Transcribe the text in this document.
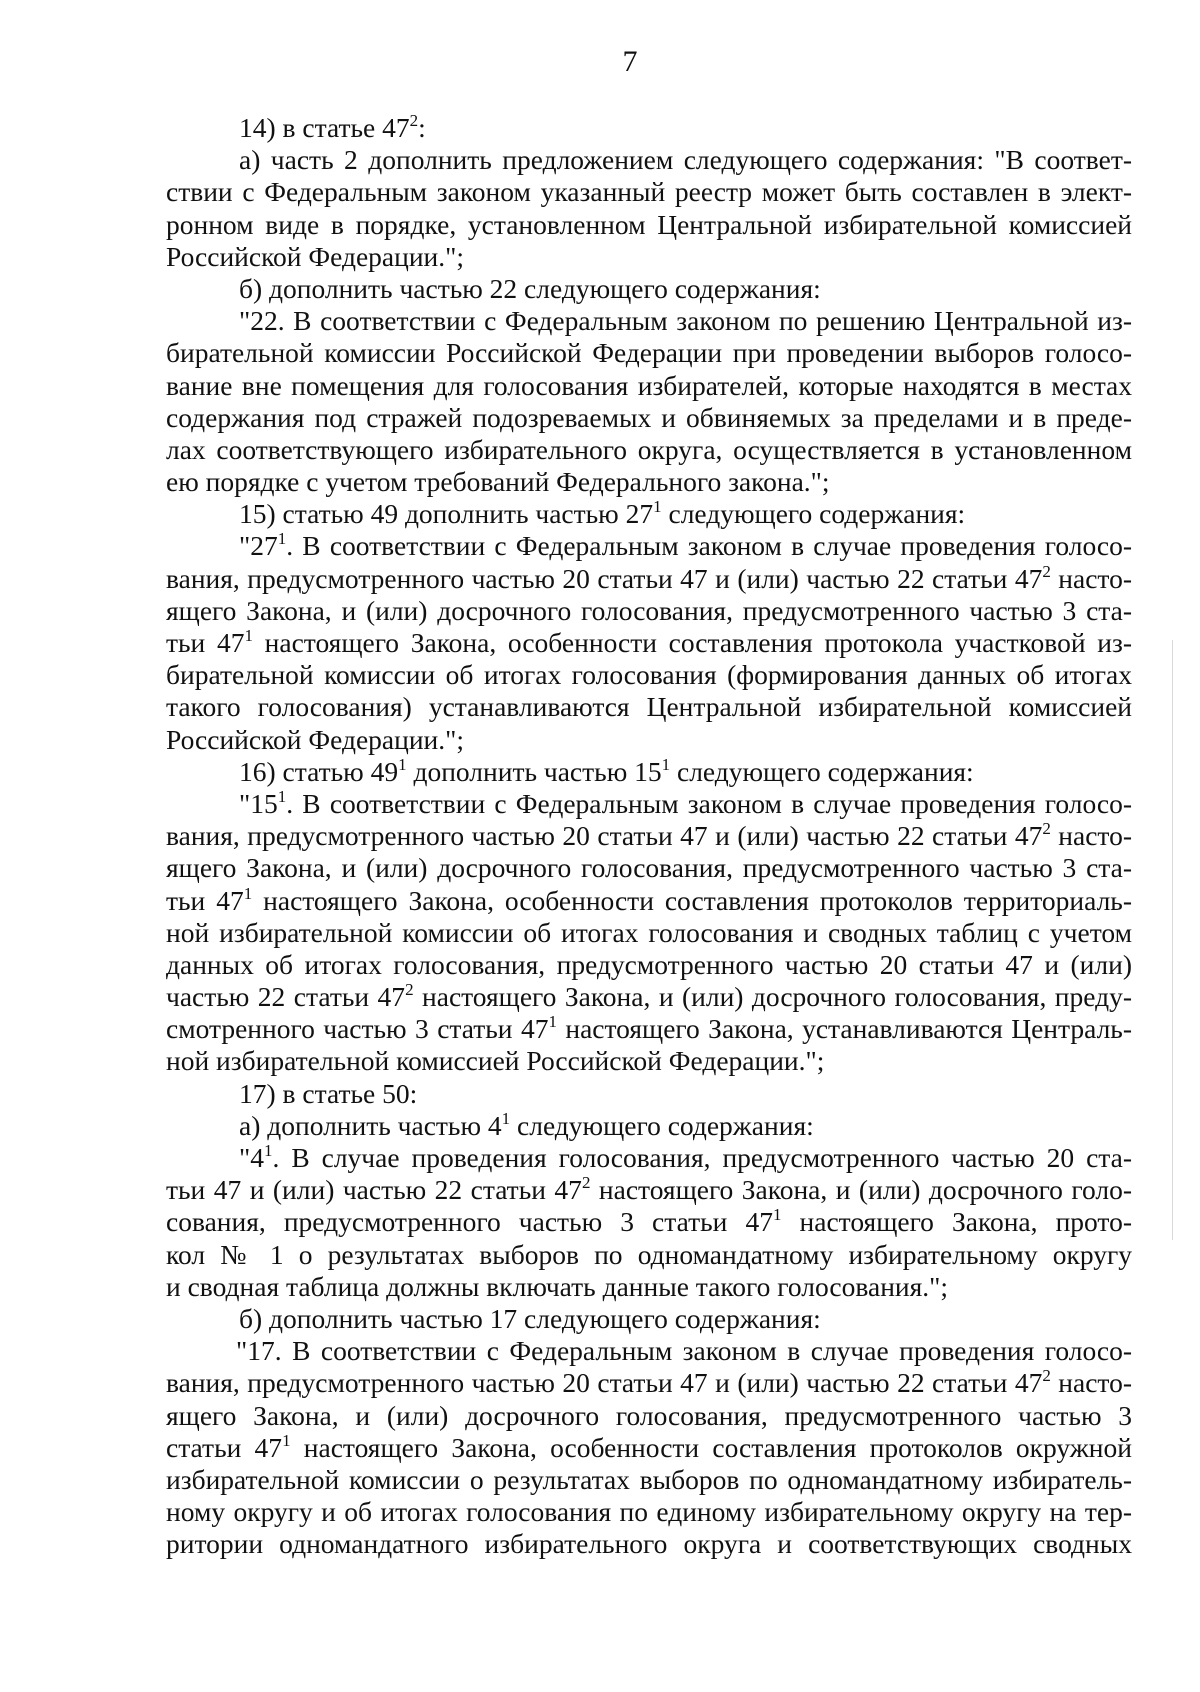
7
14) в статье $47^2$:
а) часть 2 дополнить предложением следующего содержания: "В соответ-
ствии с Федеральным законом указанный реестр может быть составлен в элект-
ронном виде в порядке, установленном Центральной избирательной комиссией
Российской Федерации.";
б) дополнить частью 22 следующего содержания:
"22. В соответствии с Федеральным законом по решению Центральной из-
бирательной комиссии Российской Федерации при проведении выборов голосо-
вание вне помещения для голосования избирателей, которые находятся в местах
содержания под стражей подозреваемых и обвиняемых за пределами и в преде-
лах соответствующего избирательного округа, осуществляется в установленном
ею порядке с учетом требований Федерального закона.";
15) статью 49 дополнить частью $27^1$ следующего содержания:
"$27^1$. В соответствии с Федеральным законом в случае проведения голосо-
вания, предусмотренного частью 20 статьи 47 и (или) частью 22 статьи $47^2$ насто-
ящего Закона, и (или) досрочного голосования, предусмотренного частью 3 ста-
тьи $47^1$ настоящего Закона, особенности составления протокола участковой из-
бирательной комиссии об итогах голосования (формирования данных об итогах
такого голосования) устанавливаются Центральной избирательной комиссией
Российской Федерации.";
16) статью $49^1$ дополнить частью $15^1$ следующего содержания:
"$15^1$. В соответствии с Федеральным законом в случае проведения голосо-
вания, предусмотренного частью 20 статьи 47 и (или) частью 22 статьи $47^2$ насто-
ящего Закона, и (или) досрочного голосования, предусмотренного частью 3 ста-
тьи $47^1$ настоящего Закона, особенности составления протоколов территориаль-
ной избирательной комиссии об итогах голосования и сводных таблиц с учетом
данных об итогах голосования, предусмотренного частью 20 статьи 47 и (или)
частью 22 статьи $47^2$ настоящего Закона, и (или) досрочного голосования, преду-
смотренного частью 3 статьи $47^1$ настоящего Закона, устанавливаются Централь-
ной избирательной комиссией Российской Федерации.";
17) в статье 50:
а) дополнить частью $4^1$ следующего содержания:
"$4^1$. В случае проведения голосования, предусмотренного частью 20 ста-
тьи 47 и (или) частью 22 статьи $47^2$ настоящего Закона, и (или) досрочного голо-
сования, предусмотренного частью 3 статьи $47^1$ настоящего Закона, прото-
кол № 1 о результатах выборов по одномандатному избирательному округу
и сводная таблица должны включать данные такого голосования.";
б) дополнить частью 17 следующего содержания:
"17. В соответствии с Федеральным законом в случае проведения голосо-
вания, предусмотренного частью 20 статьи 47 и (или) частью 22 статьи $47^2$ насто-
ящего Закона, и (или) досрочного голосования, предусмотренного частью 3
статьи $47^1$ настоящего Закона, особенности составления протоколов окружной
избирательной комиссии о результатах выборов по одномандатному избиратель-
ному округу и об итогах голосования по единому избирательному округу на тер-
ритории одномандатного избирательного округа и соответствующих сводных
